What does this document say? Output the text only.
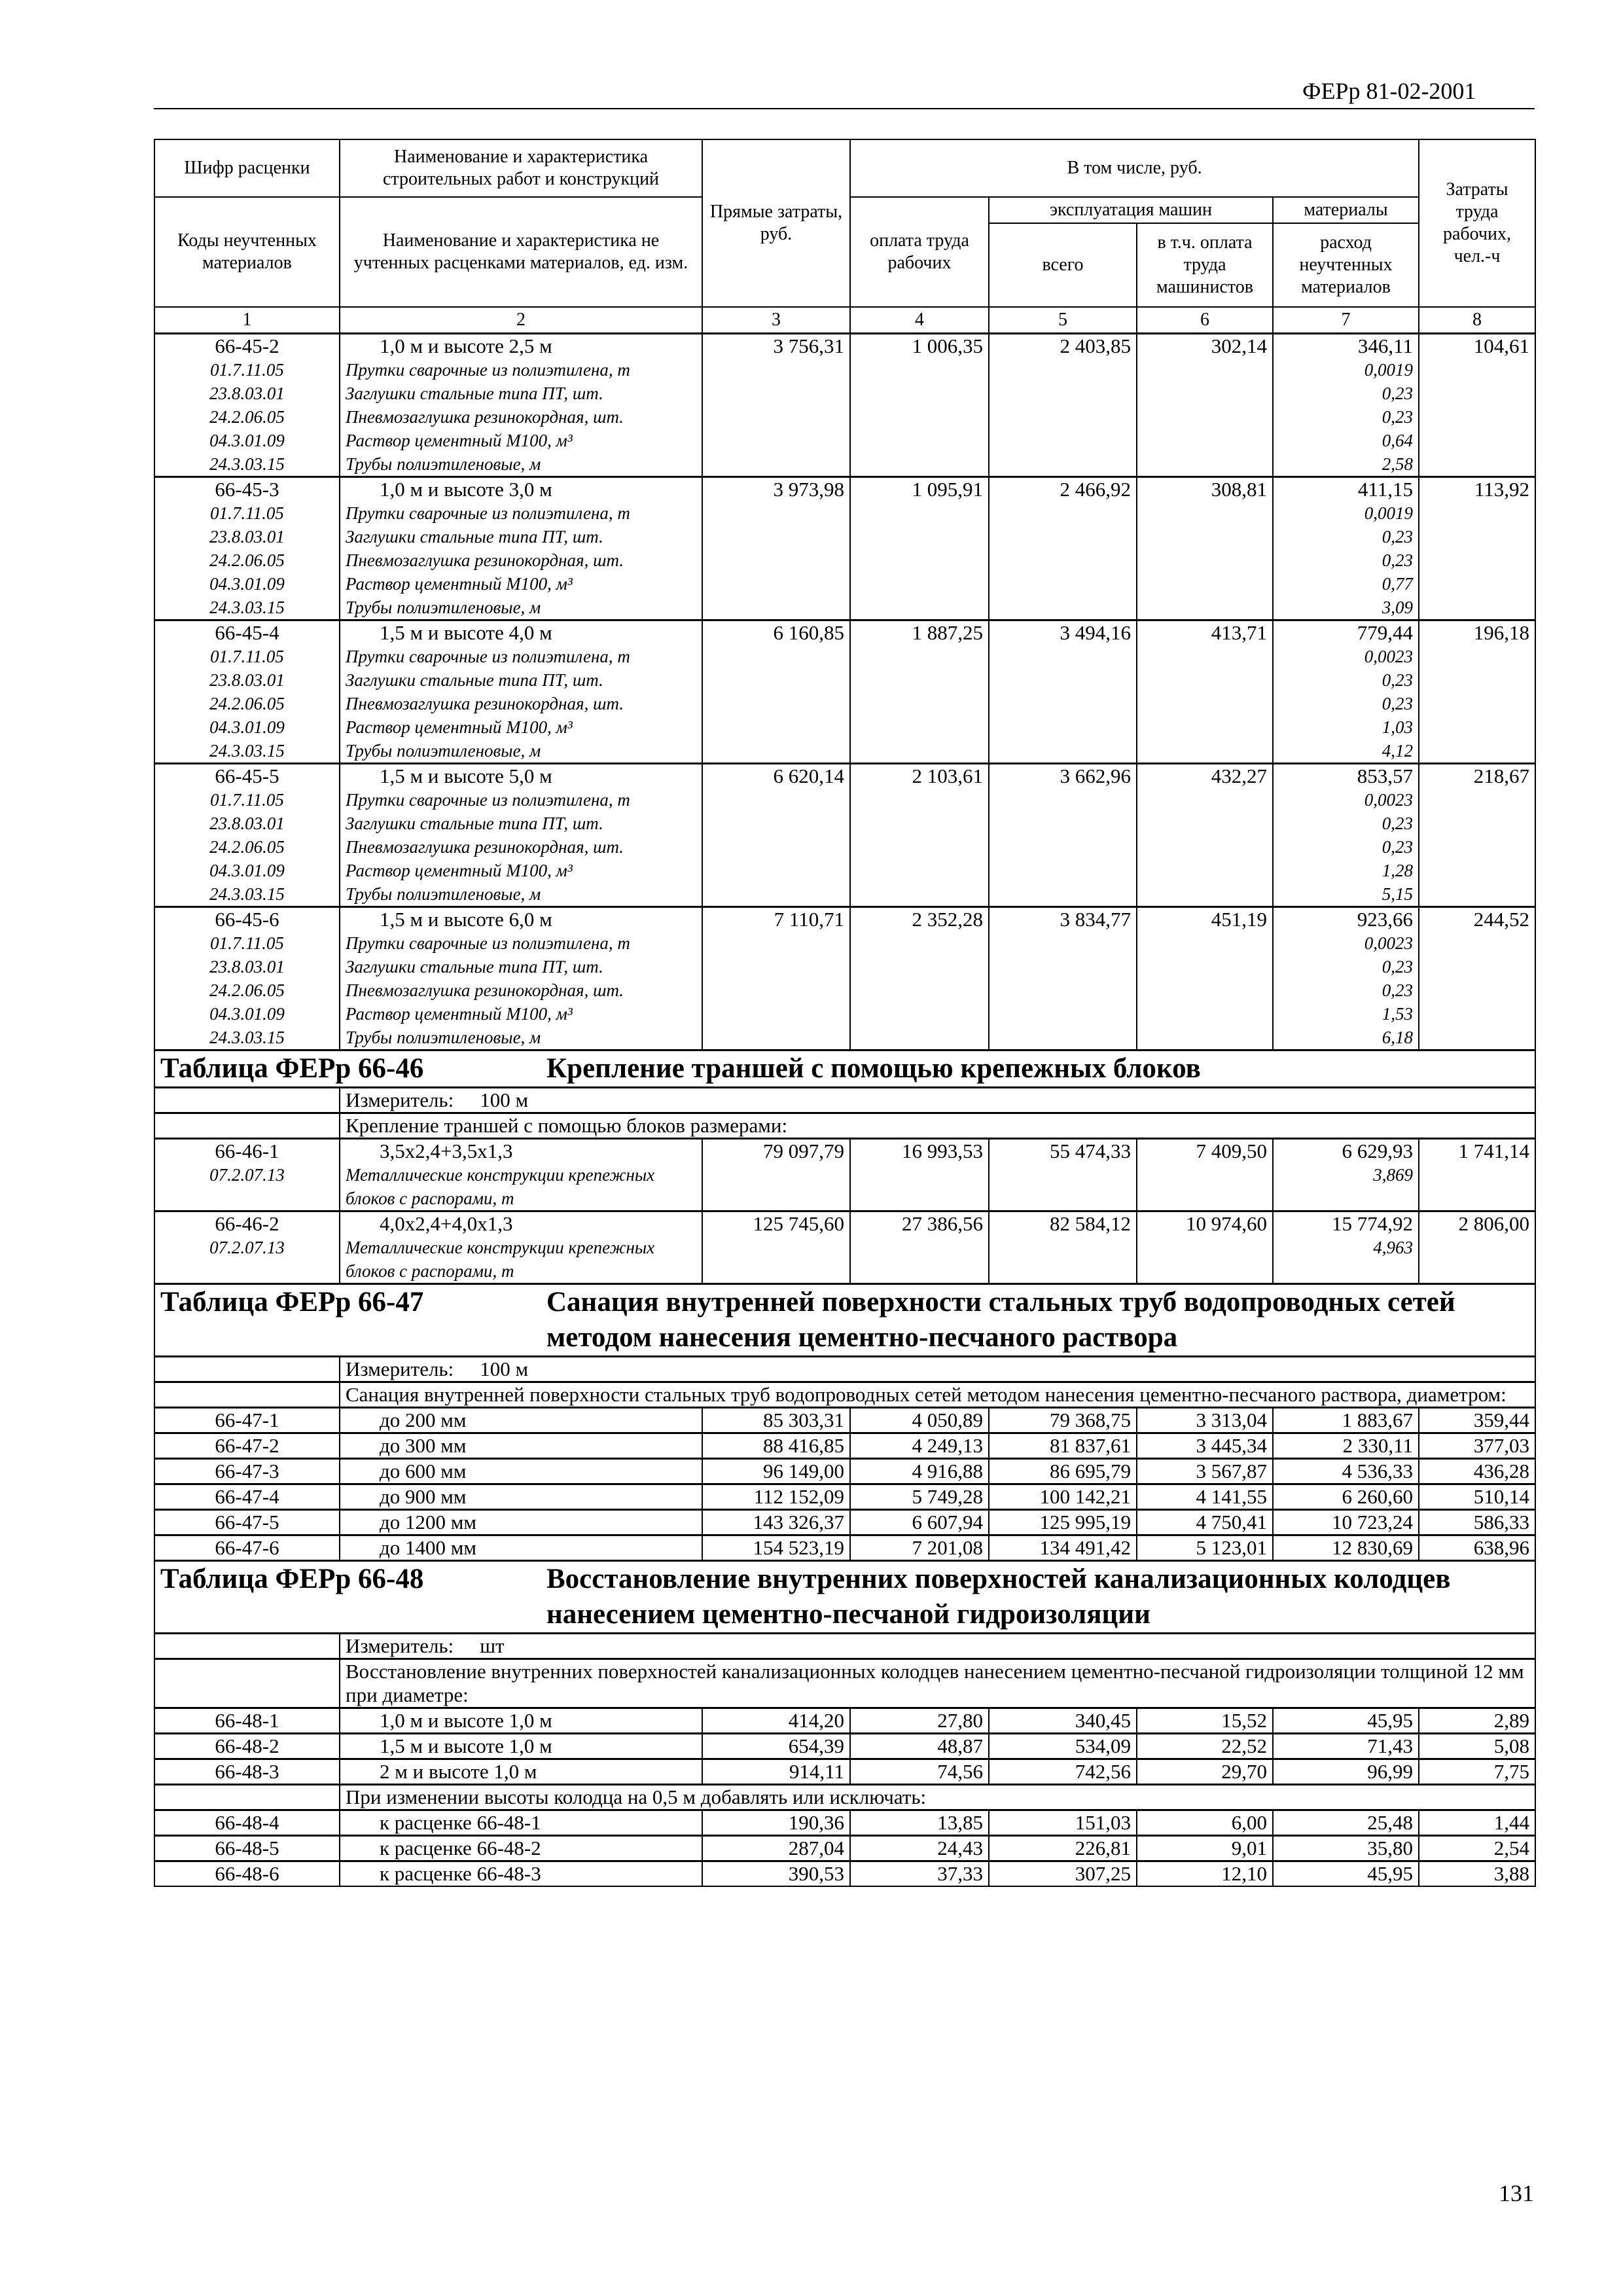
ФЕРр 81-02-2001
Шифр расценки	Наименование и характеристика строительных работ и конструкций	Прямые затраты, руб.	В том числе, руб.				Затраты труда рабочих, чел.-ч
Коды неучтенных материалов	Наименование и характеристика не учтенных расценками материалов, ед. изм.		оплата труда рабочих	эксплуатация машин		материалы	
				всего	в т.ч. оплата труда машинистов	расход неучтенных материалов	
1	2	3	4	5	6	7	8
66-45-2	1,0 м и высоте 2,5 м	3 756,31	1 006,35	2 403,85	302,14	346,11	104,61
01.7.11.05	Прутки сварочные из полиэтилена, т					0,0019	
23.8.03.01	Заглушки стальные типа ПТ, шт.					0,23	
24.2.06.05	Пневмозаглушка резинокордная, шт.					0,23	
04.3.01.09	Раствор цементный М100, м³					0,64	
24.3.03.15	Трубы полиэтиленовые, м					2,58	
66-45-3	1,0 м и высоте 3,0 м	3 973,98	1 095,91	2 466,92	308,81	411,15	113,92
01.7.11.05	Прутки сварочные из полиэтилена, т					0,0019	
23.8.03.01	Заглушки стальные типа ПТ, шт.					0,23	
24.2.06.05	Пневмозаглушка резинокордная, шт.					0,23	
04.3.01.09	Раствор цементный М100, м³					0,77	
24.3.03.15	Трубы полиэтиленовые, м					3,09	
66-45-4	1,5 м и высоте 4,0 м	6 160,85	1 887,25	3 494,16	413,71	779,44	196,18
01.7.11.05	Прутки сварочные из полиэтилена, т					0,0023	
23.8.03.01	Заглушки стальные типа ПТ, шт.					0,23	
24.2.06.05	Пневмозаглушка резинокордная, шт.					0,23	
04.3.01.09	Раствор цементный М100, м³					1,03	
24.3.03.15	Трубы полиэтиленовые, м					4,12	
66-45-5	1,5 м и высоте 5,0 м	6 620,14	2 103,61	3 662,96	432,27	853,57	218,67
01.7.11.05	Прутки сварочные из полиэтилена, т					0,0023	
23.8.03.01	Заглушки стальные типа ПТ, шт.					0,23	
24.2.06.05	Пневмозаглушка резинокордная, шт.					0,23	
04.3.01.09	Раствор цементный М100, м³					1,28	
24.3.03.15	Трубы полиэтиленовые, м					5,15	
66-45-6	1,5 м и высоте 6,0 м	7 110,71	2 352,28	3 834,77	451,19	923,66	244,52
01.7.11.05	Прутки сварочные из полиэтилена, т					0,0023	
23.8.03.01	Заглушки стальные типа ПТ, шт.					0,23	
24.2.06.05	Пневмозаглушка резинокордная, шт.					0,23	
04.3.01.09	Раствор цементный М100, м³					1,53	
24.3.03.15	Трубы полиэтиленовые, м					6,18	
Таблица ФЕРр 66-46 Крепление траншей с помощью крепежных блоков							
	Измеритель: 100 м						
	Крепление траншей с помощью блоков размерами:						
66-46-1	3,5х2,4+3,5х1,3	79 097,79	16 993,53	55 474,33	7 409,50	6 629,93	1 741,14
07.2.07.13	Металлические конструкции крепежных блоков с распорами, т					3,869	
66-46-2	4,0х2,4+4,0х1,3	125 745,60	27 386,56	82 584,12	10 974,60	15 774,92	2 806,00
07.2.07.13	Металлические конструкции крепежных блоков с распорами, т					4,963	
Таблица ФЕРр 66-47 Санация внутренней поверхности стальных труб водопроводных сетей методом нанесения цементно-песчаного раствора							
	Измеритель: 100 м						
	Санация внутренней поверхности стальных труб водопроводных сетей методом нанесения цементно-песчаного раствора, диаметром:						
66-47-1	до 200 мм	85 303,31	4 050,89	79 368,75	3 313,04	1 883,67	359,44
66-47-2	до 300 мм	88 416,85	4 249,13	81 837,61	3 445,34	2 330,11	377,03
66-47-3	до 600 мм	96 149,00	4 916,88	86 695,79	3 567,87	4 536,33	436,28
66-47-4	до 900 мм	112 152,09	5 749,28	100 142,21	4 141,55	6 260,60	510,14
66-47-5	до 1200 мм	143 326,37	6 607,94	125 995,19	4 750,41	10 723,24	586,33
66-47-6	до 1400 мм	154 523,19	7 201,08	134 491,42	5 123,01	12 830,69	638,96
Таблица ФЕРр 66-48 Восстановление внутренних поверхностей канализационных колодцев нанесением цементно-песчаной гидроизоляции							
	Измеритель: шт						
	Восстановление внутренних поверхностей канализационных колодцев нанесением цементно-песчаной гидроизоляции толщиной 12 мм при диаметре:						
66-48-1	1,0 м и высоте 1,0 м	414,20	27,80	340,45	15,52	45,95	2,89
66-48-2	1,5 м и высоте 1,0 м	654,39	48,87	534,09	22,52	71,43	5,08
66-48-3	2 м и высоте 1,0 м	914,11	74,56	742,56	29,70	96,99	7,75
	При изменении высоты колодца на 0,5 м добавлять или исключать:						
66-48-4	к расценке 66-48-1	190,36	13,85	151,03	6,00	25,48	1,44
66-48-5	к расценке 66-48-2	287,04	24,43	226,81	9,01	35,80	2,54
66-48-6	к расценке 66-48-3	390,53	37,33	307,25	12,10	45,95	3,88
131
